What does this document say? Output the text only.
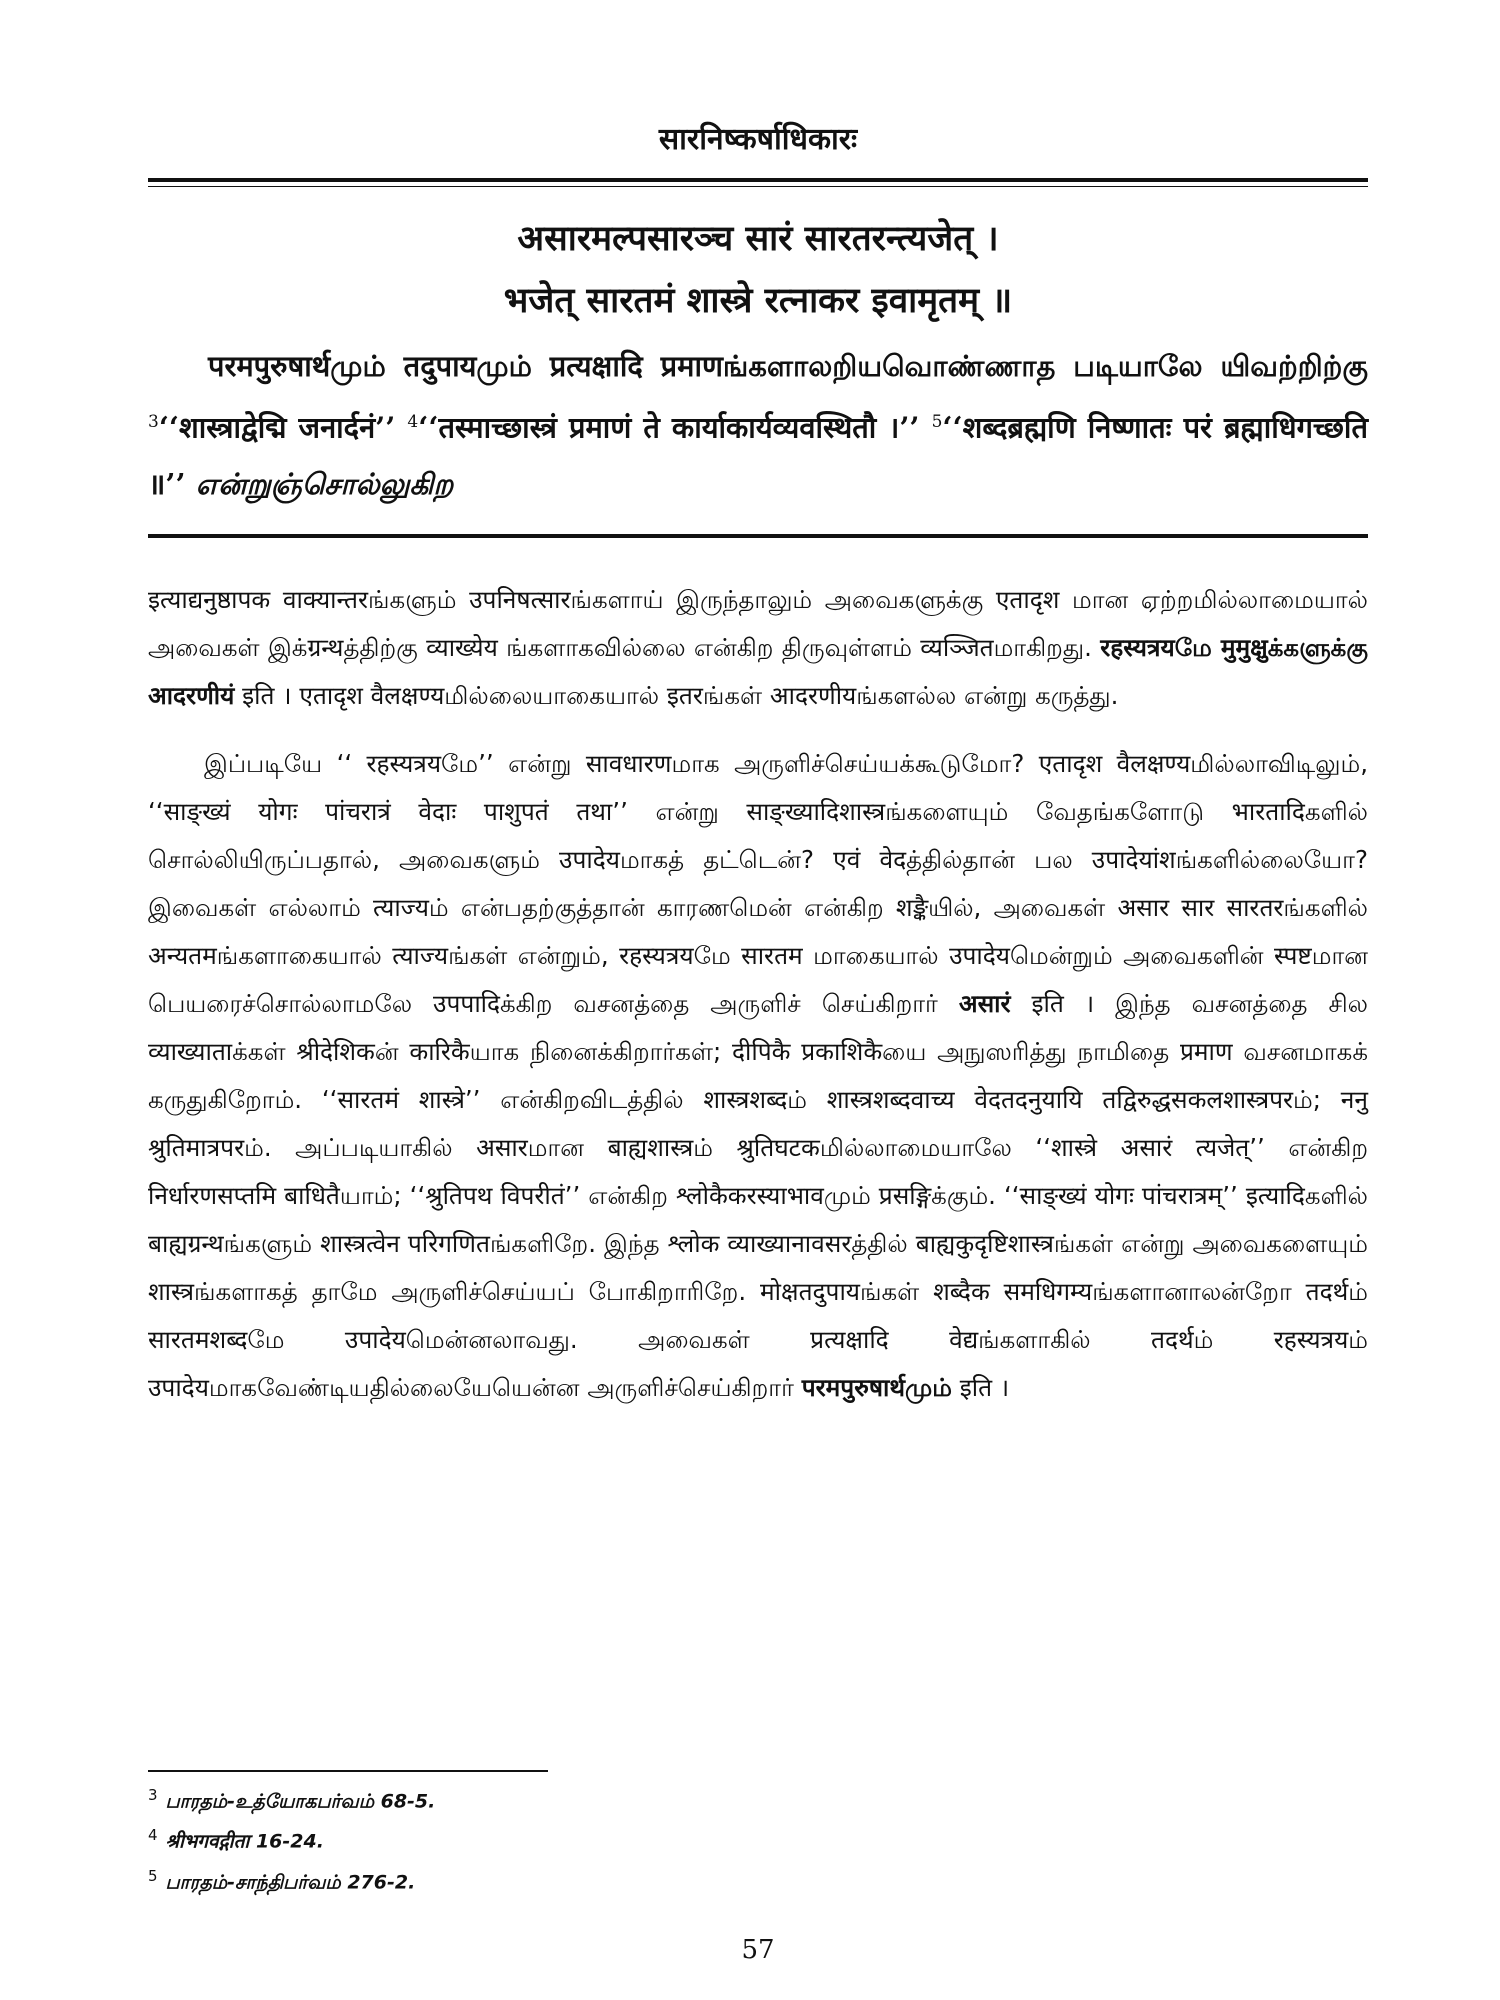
सारनिष्कर्षाधिकारः
असारमल्पसारञ्च सारं सारतरन्त्यजेत् ।
भजेत् सारतमं शास्त्रे रत्नाकर इवामृतम् ॥
परमपुरुषार्थமும் तदुपायமும் प्रत्यक्षादि प्रमाणங்களாலறியவொண்ணாத படியாலே யிவற்றிற்கு $^3$‘‘शास्त्राद्वेद्मि जनार्दनं’’ $^4$‘‘तस्माच्छास्त्रं प्रमाणं ते कार्याकार्यव्यवस्थितौ ।’’ $^5$‘‘शब्दब्रह्मणि निष्णातः परं ब्रह्माधिगच्छति ॥’’ என்றுஞ்சொல்லுகிற

इत्याद्यनुष्ठापक वाक्यान्तरங்களும் उपनिषत्सारங்களாய் இருந்தாலும் அவைகளுக்கு एतादृश மான ஏற்றமில்லாமையால் அவைகள் இக்ग्रन्थத்திற்கு व्याख्येय ங்களாகவில்லை என்கிற திருவுள்ளம் व्यञ्जितமாகிறது. रहस्यत्रयமே मुमुक्षुக்களுக்கு आदरणीयं इति । एतादृश वैलक्षण्यமில்லையாகையால் इतरங்கள் आदरणीयங்களல்ல என்று கருத்து.

இப்படியே ‘‘ रहस्यत्रयமே’’ என்று सावधारणமாக அருளிச்செய்யக்கூடுமோ? एतादृश वैलक्षण्यமில்லாவிடிலும், ‘‘साङ्ख्यं योगः पांचरात्रं वेदाः पाशुपतं तथा’’ என்று साङ्ख्यादिशास्त्रங்களையும் வேதங்களோடு भारतादिகளில் சொல்லியிருப்பதால், அவைகளும் उपादेयமாகத் தட்டென்? एवं वेदத்தில்தான் பல उपादेयांशங்களில்லையோ? இவைகள் எல்லாம் त्याज्यம் என்பதற்குத்தான் காரணமென் என்கிற शङ्कैயில், அவைகள் असार सार सारतरங்களில் अन्यतमங்களாகையால் त्याज्यங்கள் என்றும், रहस्यत्रयமே सारतम மாகையால் उपादेयமென்றும் அவைகளின் स्पष्टமான பெயரைச்சொல்லாமலே उपपादिக்கிற வசனத்தை அருளிச் செய்கிறார் असारं इति । இந்த வசனத்தை சில व्याख्याताக்கள் श्रीदेशिकன் कारिकैயாக நினைக்கிறார்கள்; दीपिकै प्रकाशिकैயை அநுஸரித்து நாமிதை प्रमाण வசனமாகக் கருதுகிறோம். ‘‘सारतमं शास्त्रे’’ என்கிறவிடத்தில் शास्त्रशब्दம் शास्त्रशब्दवाच्य वेदतदनुयायि तद्विरुद्धसकलशास्त्रपरம்; ननु श्रुतिमात्रपरம். அப்படியாகில் असारமான बाह्यशास्त्रம் श्रुतिघटकமில்லாமையாலே ‘‘शास्त्रे असारं त्यजेत्’’ என்கிற निर्धारणसप्तमि बाधितैயாம்; ‘‘श्रुतिपथ विपरीतं’’ என்கிற श्लोकैकरस्याभावமும் प्रसङ्गिக்கும். ‘‘साङ्ख्यं योगः पांचरात्रम्’’ इत्यादिகளில் बाह्यग्रन्थங்களும் शास्त्रत्वेन परिगणितங்களிறே. இந்த श्लोक व्याख्यानावसरத்தில் बाह्यकुदृष्टिशास्त्रங்கள் என்று அவைகளையும் शास्त्रங்களாகத் தாமே அருளிச்செய்யப் போகிறாரிறே. मोक्षतदुपायங்கள் शब्दैक समधिगम्यங்களானாலன்றோ तदर्थம் सारतमशब्दமே उपादेयமென்னலாவது. அவைகள் प्रत्यक्षादि वेद्यங்களாகில் तदर्थம் रहस्यत्रयம் उपादेयமாகவேண்டியதில்லையேயென்ன அருளிச்செய்கிறார் परमपुरुषार्थமும் इति ।

$^3$ பாரதம்-உத்யோகபர்வம் 68-5.
$^4$ श्रीभगवद्गीता 16-24.
$^5$ பாரதம்-சாந்திபர்வம் 276-2.
57
